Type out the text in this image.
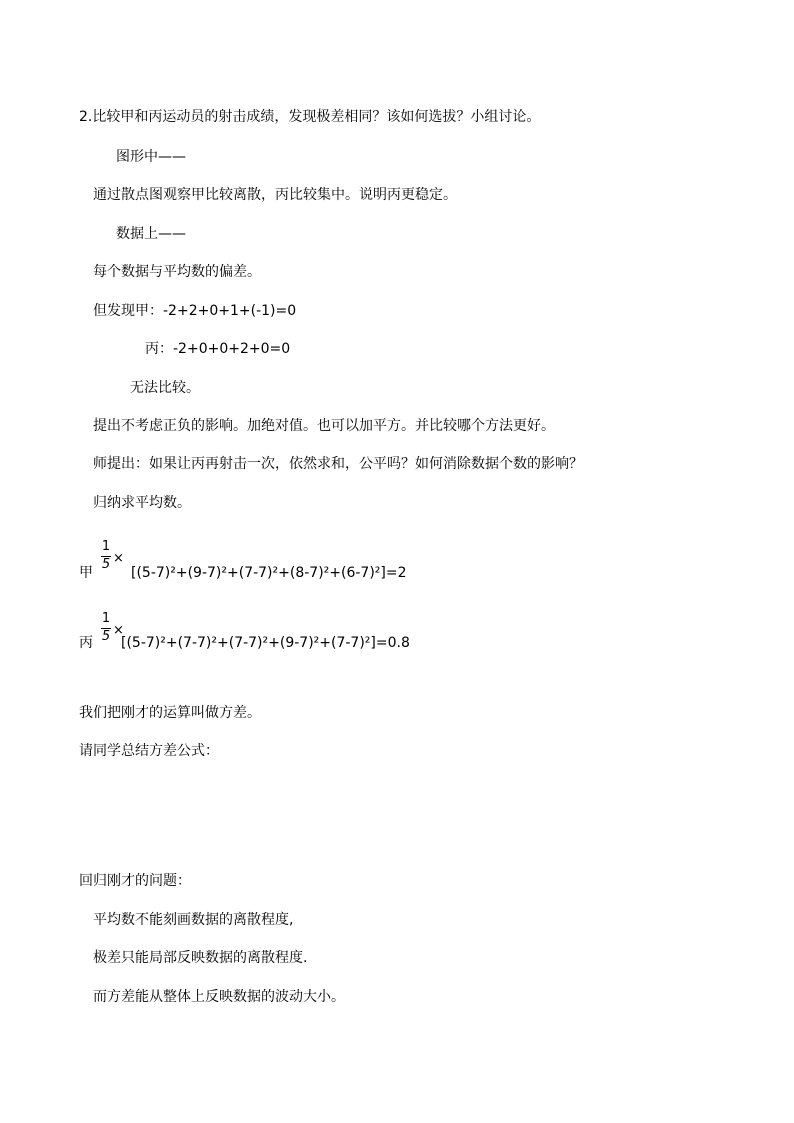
2.比较甲和丙运动员的射击成绩，发现极差相同？该如何选拔？小组讨论。
图形中——
通过散点图观察甲比较离散，丙比较集中。说明丙更稳定。
数据上——
每个数据与平均数的偏差。
但发现甲：-2+2+0+1+(-1)=0
丙：-2+0+0+2+0=0
无法比较。
提出不考虑正负的影响。加绝对值。也可以加平方。并比较哪个方法更好。
师提出：如果让丙再射击一次，依然求和，公平吗？如何消除数据个数的影响？
归纳求平均数。
甲
1
5 ×
[(5-7)²+(9-7)²+(7-7)²+(8-7)²+(6-7)²]=2
丙
1
5 ×
[(5-7)²+(7-7)²+(7-7)²+(9-7)²+(7-7)²]=0.8
我们把刚才的运算叫做方差。
请同学总结方差公式：
回归刚才的问题：
平均数不能刻画数据的离散程度,
极差只能局部反映数据的离散程度.
而方差能从整体上反映数据的波动大小。
